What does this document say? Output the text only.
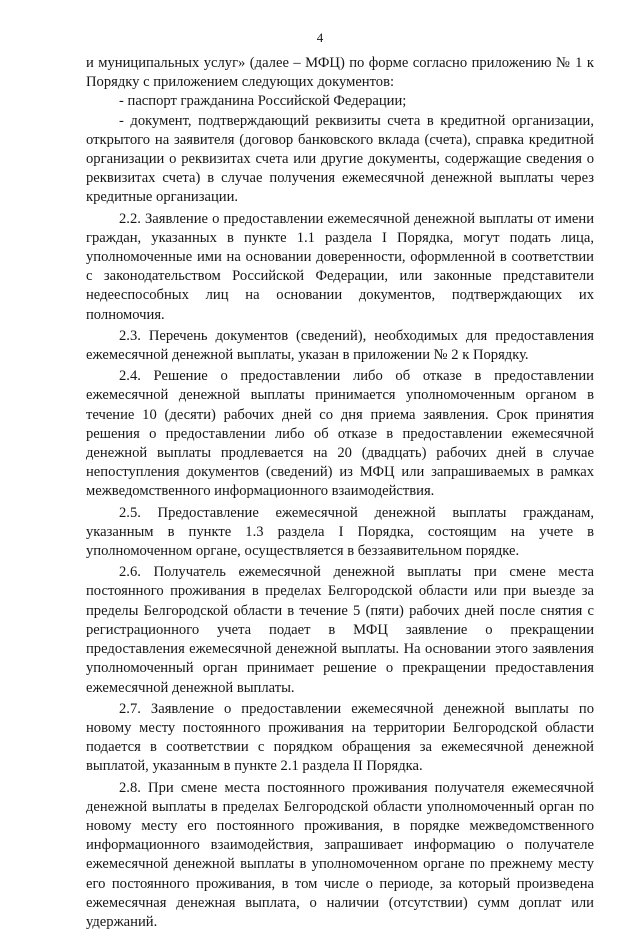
4

и муниципальных услуг» (далее – МФЦ) по форме согласно приложению № 1 к Порядку с приложением следующих документов:

- паспорт гражданина Российской Федерации;

- документ, подтверждающий реквизиты счета в кредитной организации, открытого на заявителя (договор банковского вклада (счета), справка кредитной организации о реквизитах счета или другие документы, содержащие сведения о реквизитах счета) в случае получения ежемесячной денежной выплаты через кредитные организации.

2.2. Заявление о предоставлении ежемесячной денежной выплаты от имени граждан, указанных в пункте 1.1 раздела I Порядка, могут подать лица, уполномоченные ими на основании доверенности, оформленной в соответствии с законодательством Российской Федерации, или законные представители недееспособных лиц на основании документов, подтверждающих их полномочия.

2.3. Перечень документов (сведений), необходимых для предоставления ежемесячной денежной выплаты, указан в приложении № 2 к Порядку.

2.4. Решение о предоставлении либо об отказе в предоставлении ежемесячной денежной выплаты принимается уполномоченным органом в течение 10 (десяти) рабочих дней со дня приема заявления. Срок принятия решения о предоставлении либо об отказе в предоставлении ежемесячной денежной выплаты продлевается на 20 (двадцать) рабочих дней в случае непоступления документов (сведений) из МФЦ или запрашиваемых в рамках межведомственного информационного взаимодействия.

2.5. Предоставление ежемесячной денежной выплаты гражданам, указанным в пункте 1.3 раздела I Порядка, состоящим на учете в уполномоченном органе, осуществляется в беззаявительном порядке.

2.6. Получатель ежемесячной денежной выплаты при смене места постоянного проживания в пределах Белгородской области или при выезде за пределы Белгородской области в течение 5 (пяти) рабочих дней после снятия с регистрационного учета подает в МФЦ заявление о прекращении предоставления ежемесячной денежной выплаты. На основании этого заявления уполномоченный орган принимает решение о прекращении предоставления ежемесячной денежной выплаты.

2.7. Заявление о предоставлении ежемесячной денежной выплаты по новому месту постоянного проживания на территории Белгородской области подается в соответствии с порядком обращения за ежемесячной денежной выплатой, указанным в пункте 2.1 раздела II Порядка.

2.8. При смене места постоянного проживания получателя ежемесячной денежной выплаты в пределах Белгородской области уполномоченный орган по новому месту его постоянного проживания, в порядке межведомственного информационного взаимодействия, запрашивает информацию о получателе ежемесячной денежной выплаты в уполномоченном органе по прежнему месту его постоянного проживания, в том числе о периоде, за который произведена ежемесячная денежная выплата, о наличии (отсутствии) сумм доплат или удержаний.
